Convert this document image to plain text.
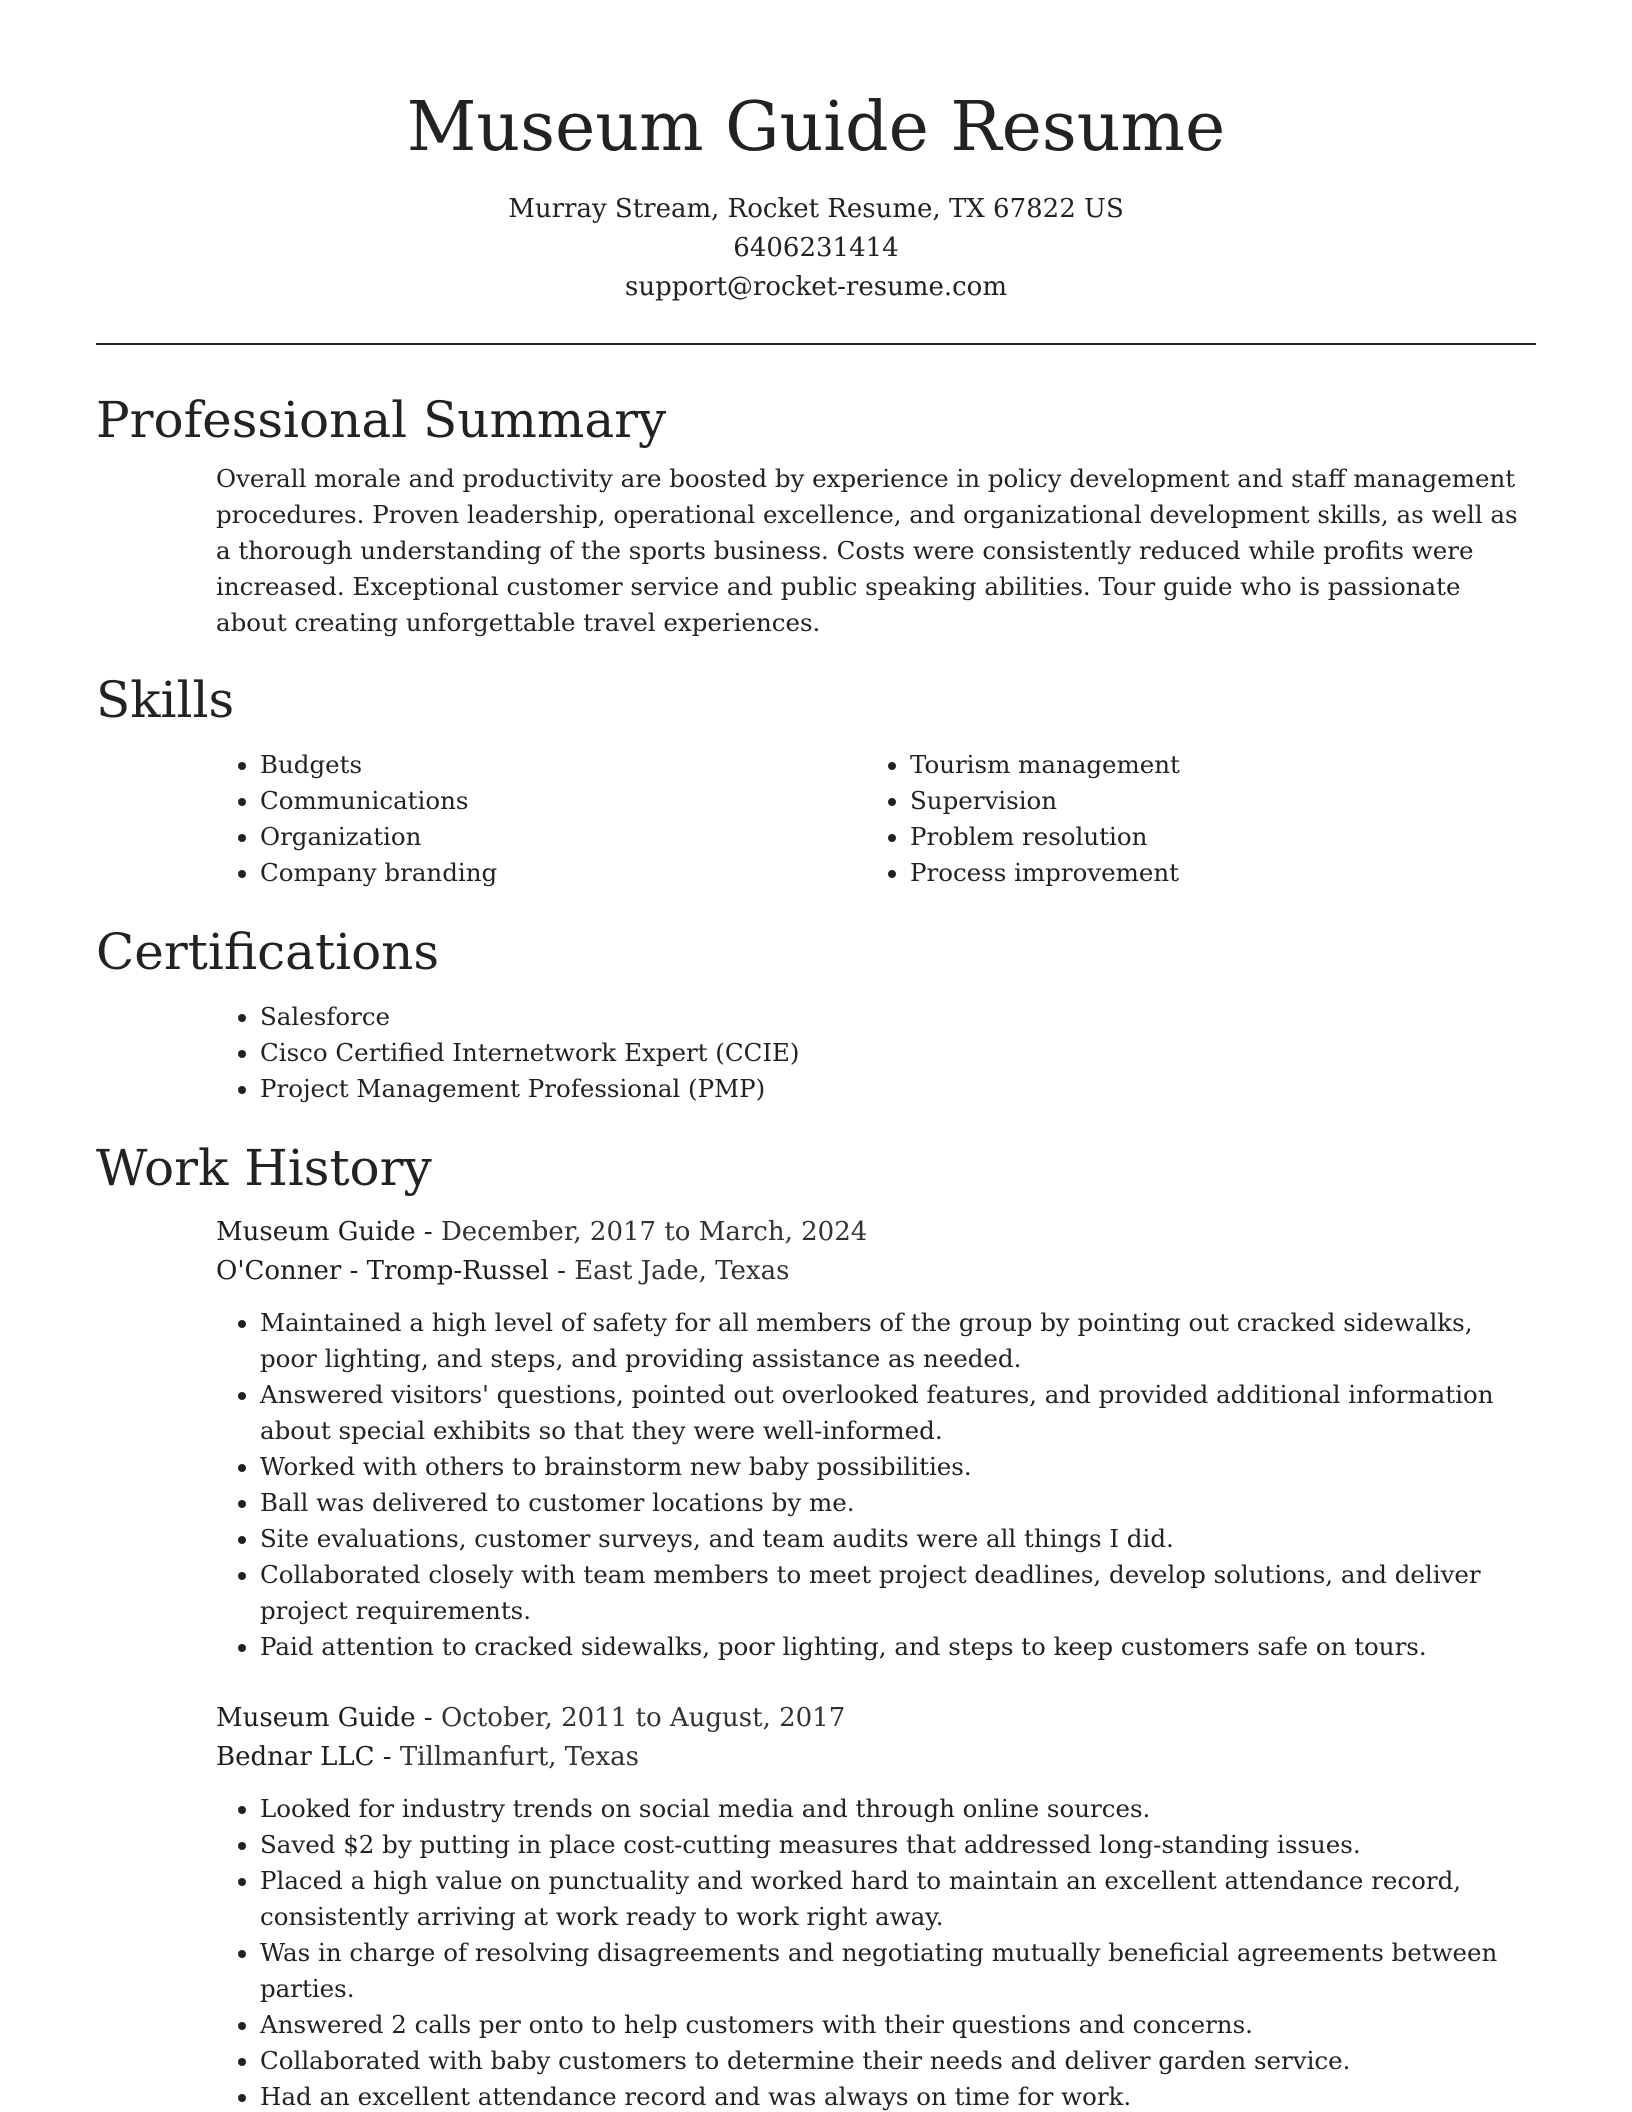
Museum Guide Resume
Murray Stream, Rocket Resume, TX 67822 US
6406231414
support@rocket-resume.com
Professional Summary
Overall morale and productivity are boosted by experience in policy development and staff management procedures. Proven leadership, operational excellence, and organizational development skills, as well as a thorough understanding of the sports business. Costs were consistently reduced while profits were increased. Exceptional customer service and public speaking abilities. Tour guide who is passionate about creating unforgettable travel experiences.
Skills
• Budgets
• Communications
• Organization
• Company branding
• Tourism management
• Supervision
• Problem resolution
• Process improvement
Certifications
• Salesforce
• Cisco Certified Internetwork Expert (CCIE)
• Project Management Professional (PMP)
Work History
Museum Guide - December, 2017 to March, 2024
O'Conner - Tromp-Russel - East Jade, Texas
• Maintained a high level of safety for all members of the group by pointing out cracked sidewalks, poor lighting, and steps, and providing assistance as needed.
• Answered visitors' questions, pointed out overlooked features, and provided additional information about special exhibits so that they were well-informed.
• Worked with others to brainstorm new baby possibilities.
• Ball was delivered to customer locations by me.
• Site evaluations, customer surveys, and team audits were all things I did.
• Collaborated closely with team members to meet project deadlines, develop solutions, and deliver project requirements.
• Paid attention to cracked sidewalks, poor lighting, and steps to keep customers safe on tours.
Museum Guide - October, 2011 to August, 2017
Bednar LLC - Tillmanfurt, Texas
• Looked for industry trends on social media and through online sources.
• Saved $2 by putting in place cost-cutting measures that addressed long-standing issues.
• Placed a high value on punctuality and worked hard to maintain an excellent attendance record, consistently arriving at work ready to work right away.
• Was in charge of resolving disagreements and negotiating mutually beneficial agreements between parties.
• Answered 2 calls per onto to help customers with their questions and concerns.
• Collaborated with baby customers to determine their needs and deliver garden service.
• Had an excellent attendance record and was always on time for work.
